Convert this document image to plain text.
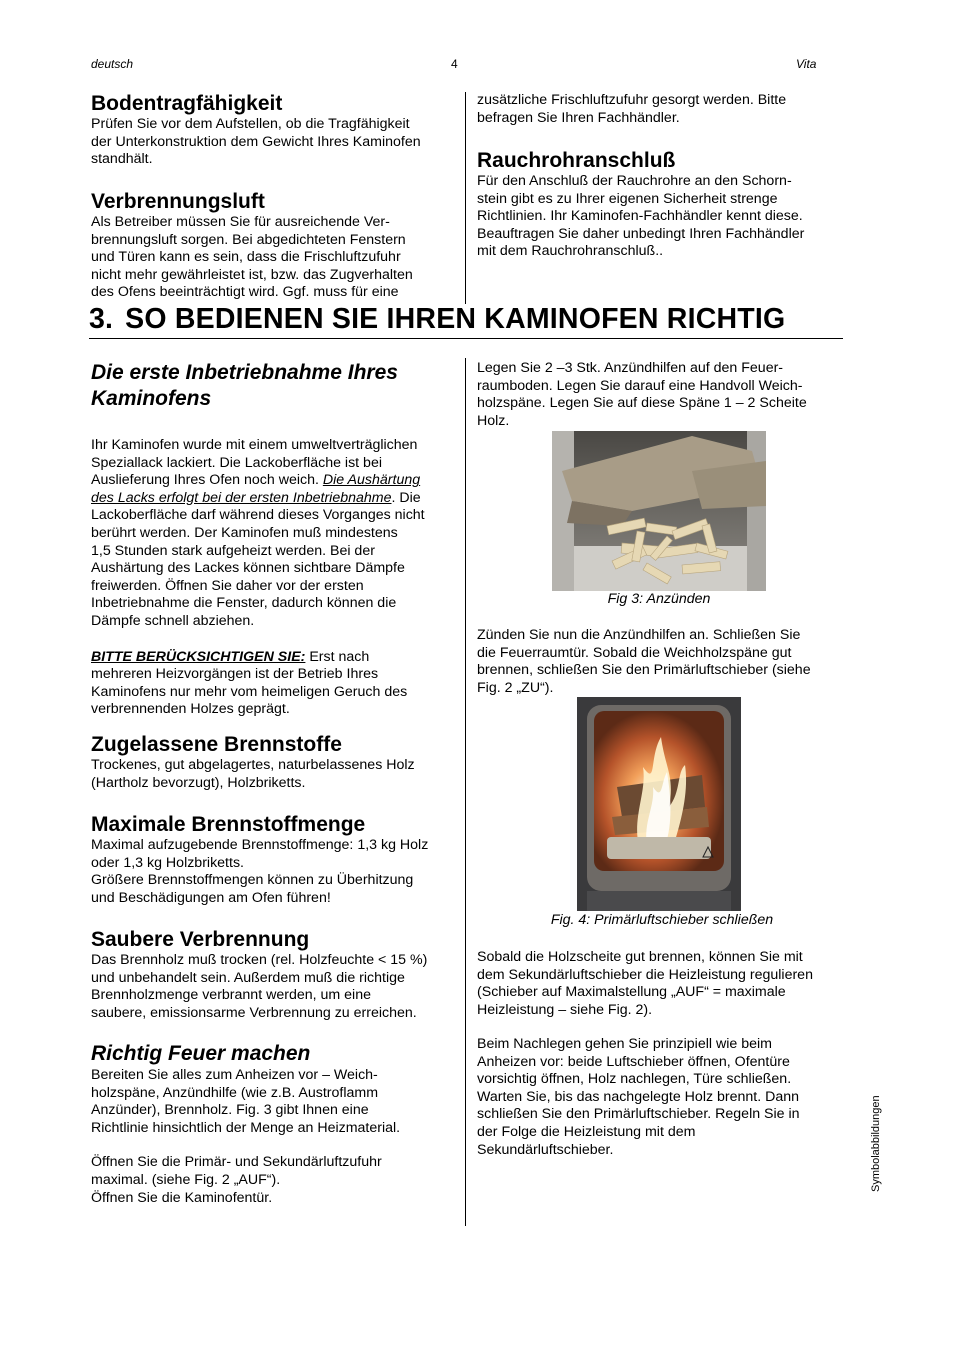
deutsch	4	Vita
Bodentragfähigkeit

Prüfen Sie vor dem Aufstellen, ob die Tragfähigkeit
der Unterkonstruktion dem Gewicht Ihres Kaminofen
standhält.

Verbrennungsluft

Als Betreiber müssen Sie für ausreichende Ver-
brennungsluft sorgen. Bei abgedichteten Fenstern
und Türen kann es sein, dass die Frischluftzufuhr
nicht mehr gewährleistet ist, bzw. das Zugverhalten
des Ofens beeinträchtigt wird. Ggf. muss für eine

zusätzliche Frischluftzufuhr gesorgt werden. Bitte
befragen Sie Ihren Fachhändler.

Rauchrohranschluß

Für den Anschluß der Rauchrohre an den Schorn-
stein gibt es zu Ihrer eigenen Sicherheit strenge
Richtlinien. Ihr Kaminofen-Fachhändler kennt diese.
Beauftragen Sie daher unbedingt Ihren Fachhändler
mit dem Rauchrohranschluß..

3. SO BEDIENEN SIE IHREN KAMINOFEN RICHTIG
Die erste Inbetriebnahme Ihres
Kaminofens

Ihr Kaminofen wurde mit einem umweltverträglichen
Speziallack lackiert. Die Lackoberfläche ist bei
Auslieferung Ihres Ofen noch weich. Die Aushärtung
des Lacks erfolgt bei der ersten Inbetriebnahme. Die
Lackoberfläche darf während dieses Vorganges nicht
berührt werden. Der Kaminofen muß mindestens
1,5 Stunden stark aufgeheizt werden. Bei der
Aushärtung des Lackes können sichtbare Dämpfe
freiwerden. Öffnen Sie daher vor der ersten
Inbetriebnahme die Fenster, dadurch können die
Dämpfe schnell abziehen.

BITTE BERÜCKSICHTIGEN SIE: Erst nach
mehreren Heizvorgängen ist der Betrieb Ihres
Kaminofens nur mehr vom heimeligen Geruch des
verbrennenden Holzes geprägt.

Zugelassene Brennstoffe

Trockenes, gut abgelagertes, naturbelassenes Holz
(Hartholz bevorzugt), Holzbriketts.

Maximale Brennstoffmenge

Maximal aufzugebende Brennstoffmenge: 1,3 kg Holz
oder 1,3 kg Holzbriketts.
Größere Brennstoffmengen können zu Überhitzung
und Beschädigungen am Ofen führen!

Saubere Verbrennung

Das Brennholz muß trocken (rel. Holzfeuchte < 15 %)
und unbehandelt sein. Außerdem muß die richtige
Brennholzmenge verbrannt werden, um eine
saubere, emissionsarme Verbrennung zu erreichen.

Richtig Feuer machen

Bereiten Sie alles zum Anheizen vor – Weich-
holzspäne, Anzündhilfe (wie z.B. Austroflamm
Anzünder), Brennholz. Fig. 3 gibt Ihnen eine
Richtlinie hinsichtlich der Menge an Heizmaterial.

Öffnen Sie die Primär- und Sekundärluftzufuhr
maximal. (siehe Fig. 2 „AUF“).
Öffnen Sie die Kaminofentür.

Legen Sie 2 –3 Stk. Anzündhilfen auf den Feuer-
raumboden. Legen Sie darauf eine Handvoll Weich-
holzspäne. Legen Sie auf diese Späne 1 – 2 Scheite
Holz.

Fig 3: Anzünden

Zünden Sie nun die Anzündhilfen an. Schließen Sie
die Feuerraumtür. Sobald die Weichholzspäne gut
brennen, schließen Sie den Primärluftschieber (siehe
Fig. 2 „ZU“).

Fig. 4: Primärluftschieber schließen

Sobald die Holzscheite gut brennen, können Sie mit
dem Sekundärluftschieber die Heizleistung regulieren
(Schieber auf Maximalstellung „AUF“ = maximale
Heizleistung – siehe Fig. 2).

Beim Nachlegen gehen Sie prinzipiell wie beim
Anheizen vor: beide Luftschieber öffnen, Ofentüre
vorsichtig öffnen, Holz nachlegen, Türe schließen.
Warten Sie, bis das nachgelegte Holz brennt. Dann
schließen Sie den Primärluftschieber. Regeln Sie in
der Folge die Heizleistung mit dem
Sekundärluftschieber.	Symbolabbildungen
